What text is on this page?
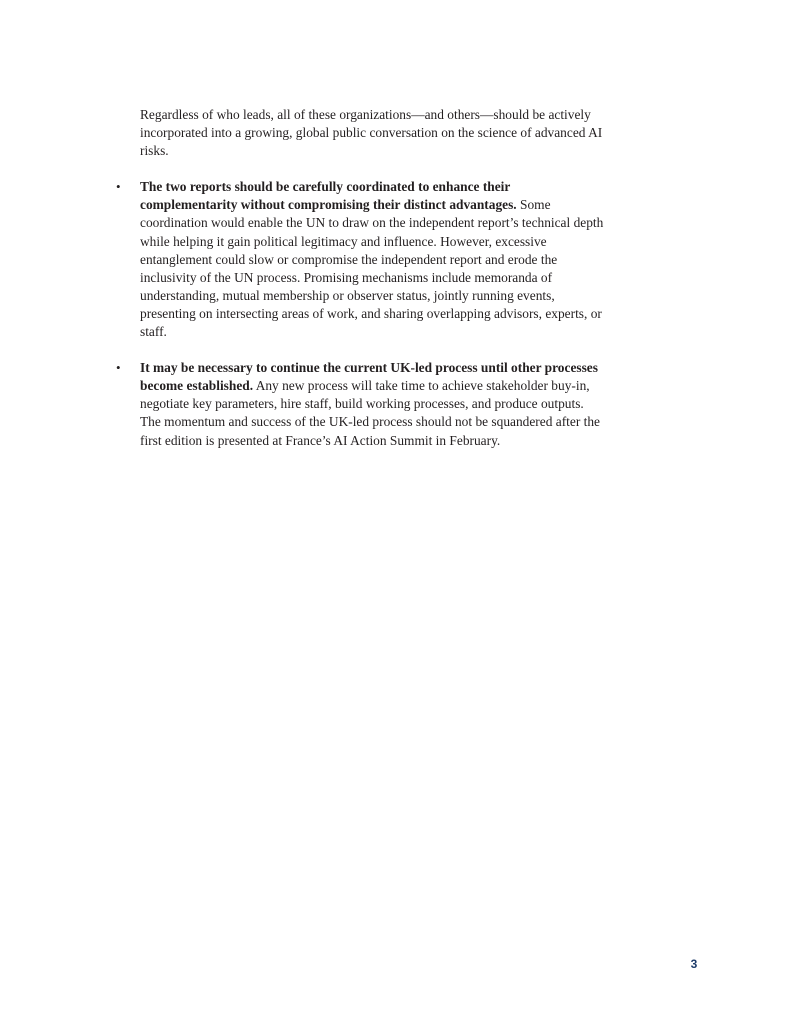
Regardless of who leads, all of these organizations—and others—should be actively incorporated into a growing, global public conversation on the science of advanced AI risks.

•	The two reports should be carefully coordinated to enhance their complementarity without compromising their distinct advantages. Some coordination would enable the UN to draw on the independent report’s technical depth while helping it gain political legitimacy and influence. However, excessive entanglement could slow or compromise the independent report and erode the inclusivity of the UN process. Promising mechanisms include memoranda of understanding, mutual membership or observer status, jointly running events, presenting on intersecting areas of work, and sharing overlapping advisors, experts, or staff.

•	It may be necessary to continue the current UK-led process until other processes become established. Any new process will take time to achieve stakeholder buy-in, negotiate key parameters, hire staff, build working processes, and produce outputs. The momentum and success of the UK-led process should not be squandered after the first edition is presented at France’s AI Action Summit in February.

3
